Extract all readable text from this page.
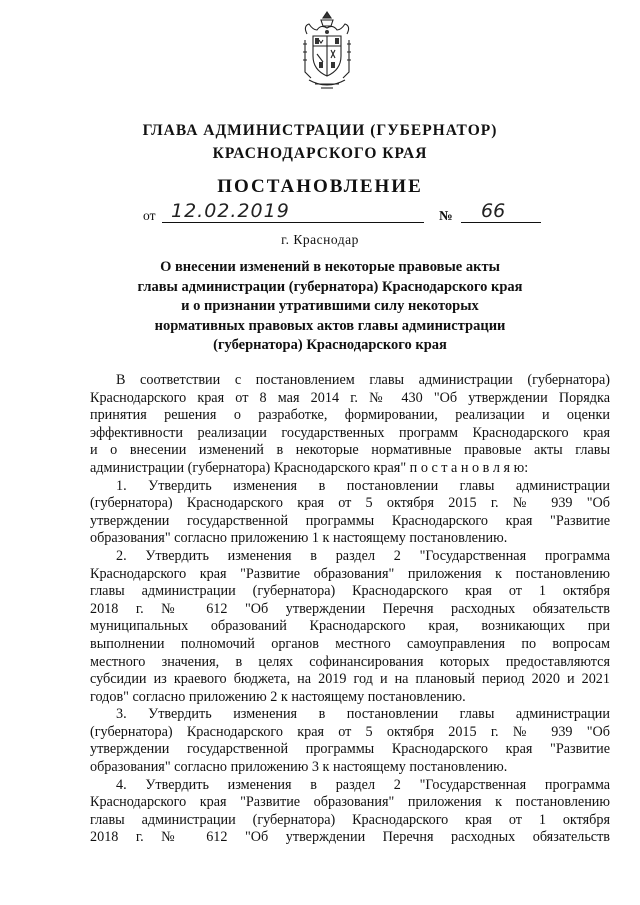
ГЛАВА АДМИНИСТРАЦИИ (ГУБЕРНАТОР)
КРАСНОДАРСКОГО КРАЯ
ПОСТАНОВЛЕНИЕ
от 12.02.2019	№ 66
г. Краснодар
О внесении изменений в некоторые правовые акты
главы администрации (губернатора) Краснодарского края
и о признании утратившими силу некоторых
нормативных правовых актов главы администрации
(губернатора) Краснодарского края
В соответствии с постановлением главы администрации (губернатора)
Краснодарского края от 8 мая 2014 г. № 430 "Об утверждении Порядка
принятия решения о разработке, формировании, реализации и оценки
эффективности реализации государственных программ Краснодарского края
и о внесении изменений в некоторые нормативные правовые акты главы
администрации (губернатора) Краснодарского края" п о с т а н о в л я ю:
1. Утвердить изменения в постановлении главы администрации
(губернатора) Краснодарского края от 5 октября 2015 г. № 939 "Об
утверждении государственной программы Краснодарского края "Развитие
образования" согласно приложению 1 к настоящему постановлению.
2. Утвердить изменения в раздел 2 "Государственная программа
Краснодарского края "Развитие образования" приложения к постановлению
главы администрации (губернатора) Краснодарского края от 1 октября
2018 г. № 612 "Об утверждении Перечня расходных обязательств
муниципальных образований Краснодарского края, возникающих при
выполнении полномочий органов местного самоуправления по вопросам
местного значения, в целях софинансирования которых предоставляются
субсидии из краевого бюджета, на 2019 год и на плановый период 2020 и 2021
годов" согласно приложению 2 к настоящему постановлению.
3. Утвердить изменения в постановлении главы администрации
(губернатора) Краснодарского края от 5 октября 2015 г. № 939 "Об
утверждении государственной программы Краснодарского края "Развитие
образования" согласно приложению 3 к настоящему постановлению.
4. Утвердить изменения в раздел 2 "Государственная программа
Краснодарского края "Развитие образования" приложения к постановлению
главы администрации (губернатора) Краснодарского края от 1 октября
2018 г. № 612 "Об утверждении Перечня расходных обязательств
